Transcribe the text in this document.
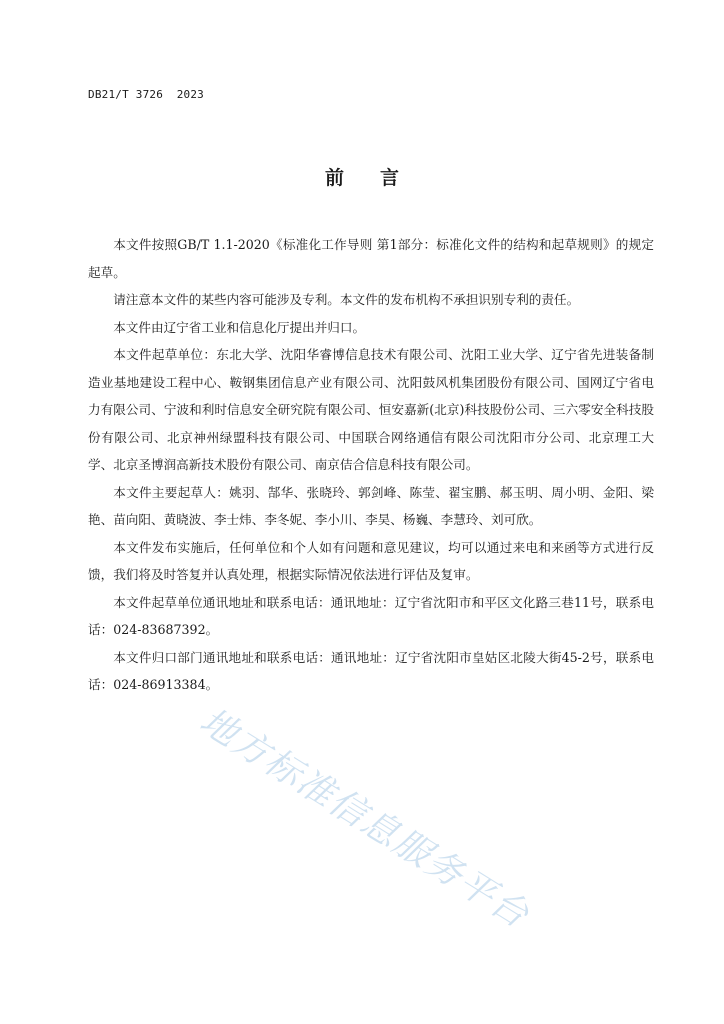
DB21/T 3726  2023
前 言

本文件按照GB/T 1.1-2020《标准化工作导则 第1部分：标准化文件的结构和起草规则》的规定起草。

请注意本文件的某些内容可能涉及专利。本文件的发布机构不承担识别专利的责任。

本文件由辽宁省工业和信息化厅提出并归口。

本文件起草单位：东北大学、沈阳华睿博信息技术有限公司、沈阳工业大学、辽宁省先进装备制造业基地建设工程中心、鞍钢集团信息产业有限公司、沈阳鼓风机集团股份有限公司、国网辽宁省电力有限公司、宁波和利时信息安全研究院有限公司、恒安嘉新(北京)科技股份公司、三六零安全科技股份有限公司、北京神州绿盟科技有限公司、中国联合网络通信有限公司沈阳市分公司、北京理工大学、北京圣博润高新技术股份有限公司、南京佶合信息科技有限公司。

本文件主要起草人：姚羽、郜华、张晓玲、郭剑峰、陈莹、翟宝鹏、郝玉明、周小明、金阳、梁艳、苗向阳、黄晓波、李士炜、李冬妮、李小川、李昊、杨巍、李慧玲、刘可欣。

本文件发布实施后，任何单位和个人如有问题和意见建议，均可以通过来电和来函等方式进行反馈，我们将及时答复并认真处理，根据实际情况依法进行评估及复审。

本文件起草单位通讯地址和联系电话：通讯地址：辽宁省沈阳市和平区文化路三巷11号，联系电话：024-83687392。

本文件归口部门通讯地址和联系电话：通讯地址：辽宁省沈阳市皇姑区北陵大街45-2号，联系电话：024-86913384。

地方标准信息服务平台
